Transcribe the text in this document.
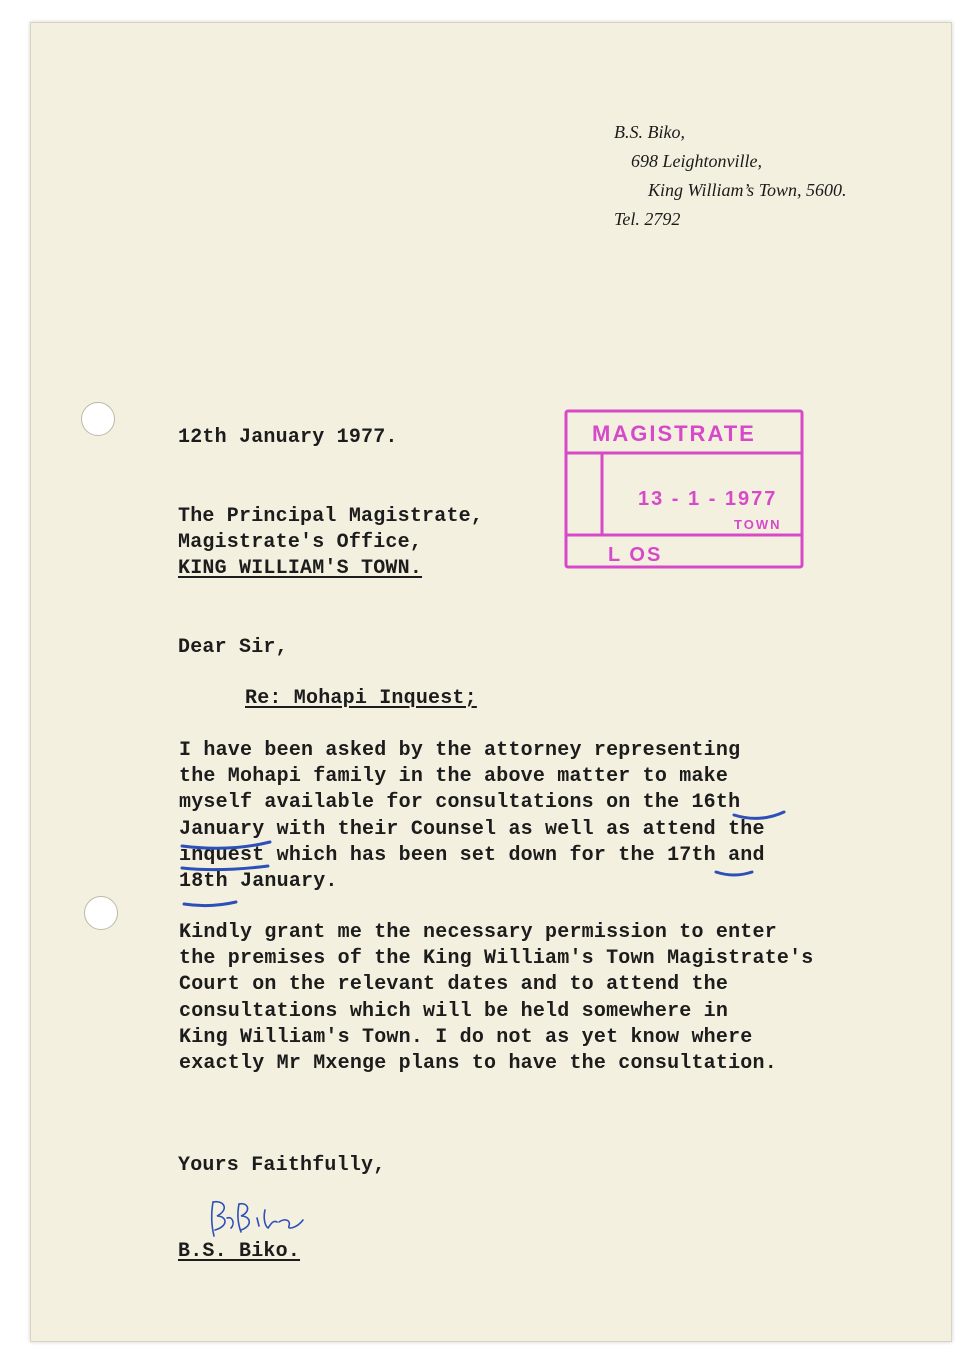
B.S. Biko,
698 Leightonville,
King William’s Town, 5600.
Tel. 2792
12th January 1977.
The Principal Magistrate,
Magistrate's Office,
KING WILLIAM'S TOWN.
Dear Sir,
Re: Mohapi Inquest;
I have been asked by the attorney representing
the Mohapi family in the above matter to make
myself available for consultations on the 16th
January with their Counsel as well as attend the
inquest which has been set down for the 17th and
18th January.
Kindly grant me the necessary permission to enter
the premises of the King William's Town Magistrate's
Court on the relevant dates and to attend the
consultations which will be held somewhere in
King William's Town. I do not as yet know where
exactly Mr Mxenge plans to have the consultation.
Yours Faithfully,
B.S. Biko.
MAGISTRATE
13 - 1 - 1977
TOWN
L OS
